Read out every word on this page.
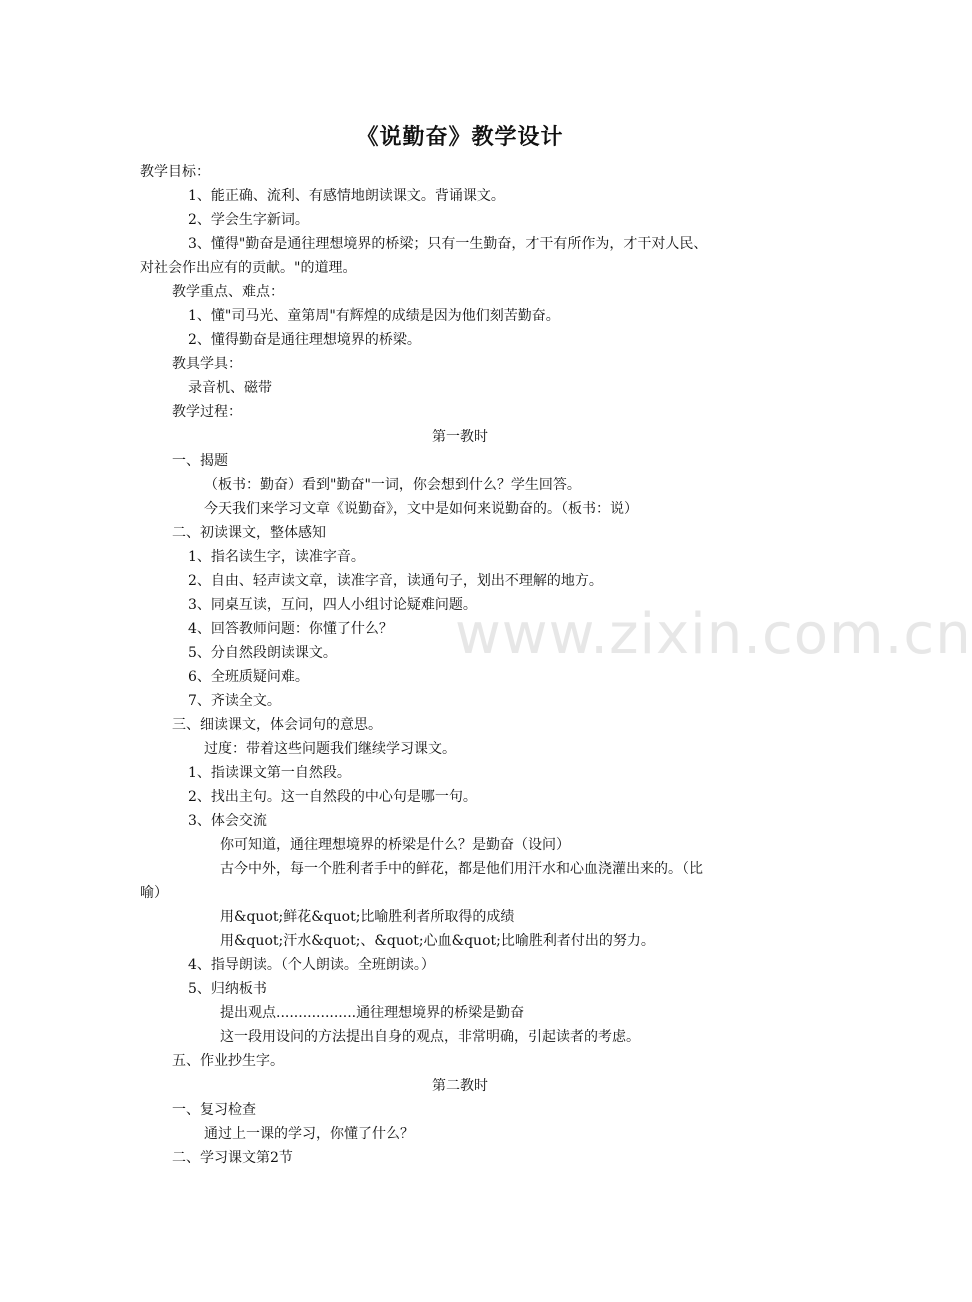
www.zixin.com.cn
《说勤奋》教学设计
教学目标：
1、能正确、流利、有感情地朗读课文。背诵课文。
2、学会生字新词。
3、懂得"勤奋是通往理想境界的桥梁；只有一生勤奋，才干有所作为，才干对人民、
对社会作出应有的贡献。"的道理。
教学重点、难点：
1、懂"司马光、童第周"有辉煌的成绩是因为他们刻苦勤奋。
2、懂得勤奋是通往理想境界的桥梁。
教具学具：
录音机、磁带
教学过程：
第一教时
一、揭题
（板书：勤奋）看到"勤奋"一词，你会想到什么？学生回答。
今天我们来学习文章《说勤奋》，文中是如何来说勤奋的。（板书：说）
二、初读课文，整体感知
1、指名读生字，读准字音。
2、自由、轻声读文章，读准字音，读通句子，划出不理解的地方。
3、同桌互读，互问，四人小组讨论疑难问题。
4、回答教师问题：你懂了什么？
5、分自然段朗读课文。
6、全班质疑问难。
7、齐读全文。
三、细读课文，体会词句的意思。
过度：带着这些问题我们继续学习课文。
1、指读课文第一自然段。
2、找出主句。这一自然段的中心句是哪一句。
3、体会交流
你可知道，通往理想境界的桥梁是什么？是勤奋（设问）
古今中外，每一个胜利者手中的鲜花，都是他们用汗水和心血浇灌出来的。（比
喻）
用&quot;鲜花&quot;比喻胜利者所取得的成绩
用&quot;汗水&quot;、&quot;心血&quot;比喻胜利者付出的努力。
4、指导朗读。（个人朗读。全班朗读。）
5、归纳板书
提出观点..................通往理想境界的桥梁是勤奋
这一段用设问的方法提出自身的观点，非常明确，引起读者的考虑。
五、作业抄生字。
第二教时
一、复习检查
通过上一课的学习，你懂了什么？
二、学习课文第2节
